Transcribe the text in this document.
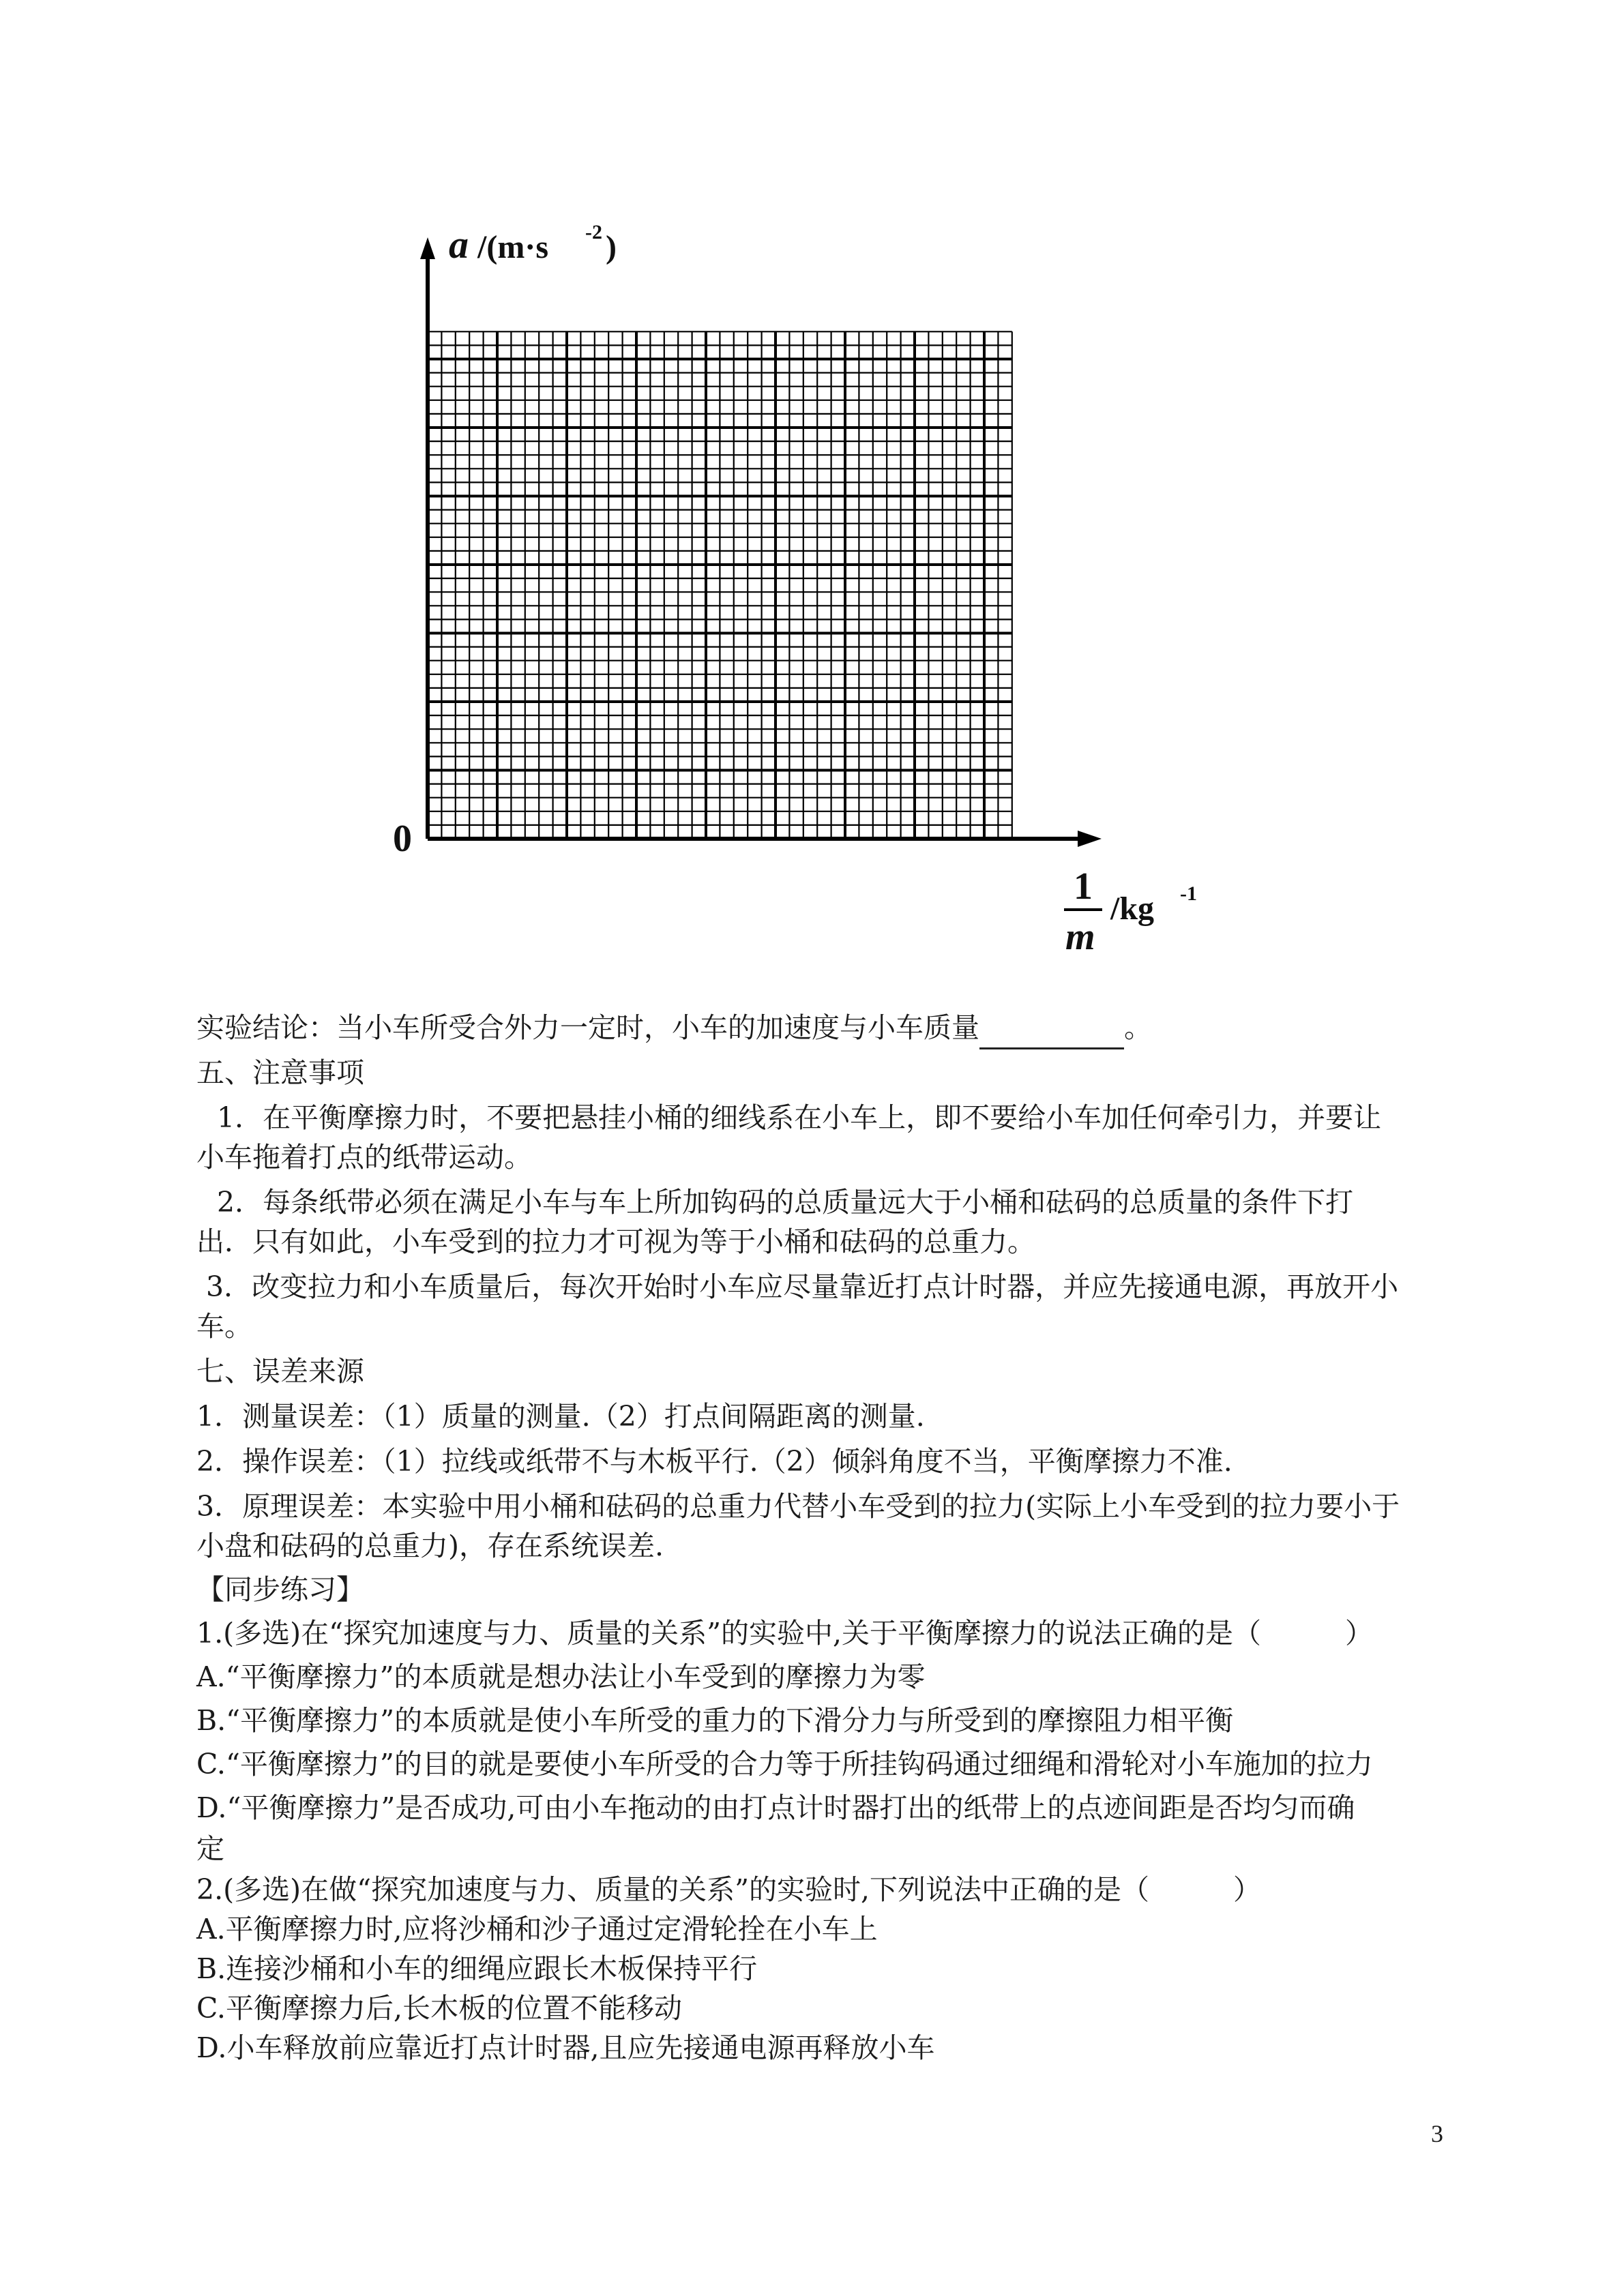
a /(m·s -2 )
0
1
m
/kg -1
实验结论：当小车所受合外力一定时，小车的加速度与小车质量	。
五、注意事项
1．在平衡摩擦力时，不要把悬挂小桶的细线系在小车上，即不要给小车加任何牵引力，并要让
小车拖着打点的纸带运动。
2．每条纸带必须在满足小车与车上所加钩码的总质量远大于小桶和砝码的总质量的条件下打
出．只有如此，小车受到的拉力才可视为等于小桶和砝码的总重力。
3．改变拉力和小车质量后，每次开始时小车应尽量靠近打点计时器，并应先接通电源，再放开小
车。
七、误差来源
1．测量误差：（1）质量的测量.（2）打点间隔距离的测量.
2．操作误差：（1）拉线或纸带不与木板平行.（2）倾斜角度不当，平衡摩擦力不准.
3．原理误差：本实验中用小桶和砝码的总重力代替小车受到的拉力(实际上小车受到的拉力要小于
小盘和砝码的总重力)，存在系统误差.
【同步练习】
1.(多选)在“探究加速度与力、质量的关系”的实验中,关于平衡摩擦力的说法正确的是（　　　）
A.“平衡摩擦力”的本质就是想办法让小车受到的摩擦力为零
B.“平衡摩擦力”的本质就是使小车所受的重力的下滑分力与所受到的摩擦阻力相平衡
C.“平衡摩擦力”的目的就是要使小车所受的合力等于所挂钩码通过细绳和滑轮对小车施加的拉力
D.“平衡摩擦力”是否成功,可由小车拖动的由打点计时器打出的纸带上的点迹间距是否均匀而确
定
2.(多选)在做“探究加速度与力、质量的关系”的实验时,下列说法中正确的是（　　　）
A.平衡摩擦力时,应将沙桶和沙子通过定滑轮拴在小车上
B.连接沙桶和小车的细绳应跟长木板保持平行
C.平衡摩擦力后,长木板的位置不能移动
D.小车释放前应靠近打点计时器,且应先接通电源再释放小车
3
